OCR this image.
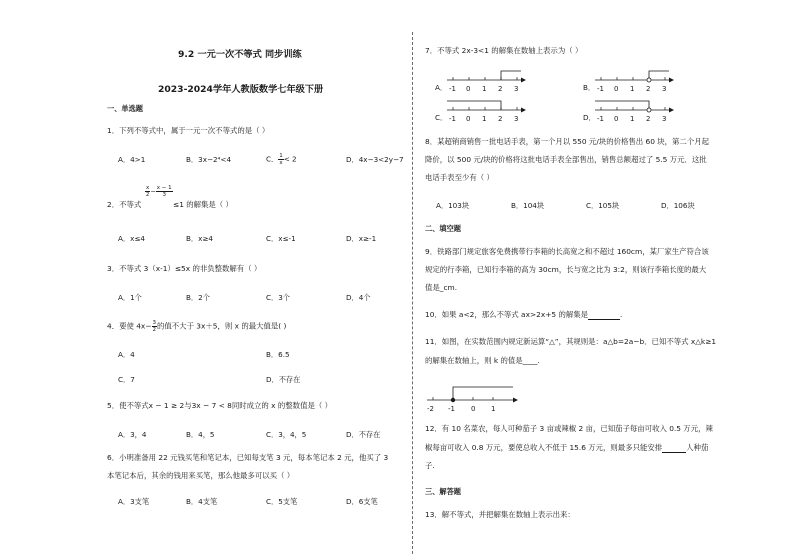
9.2 一元一次不等式 同步训练
2023-2024学年人教版数学七年级下册
一、单选题
1．下列不等式中，属于一元一次不等式的是（ ）
A．4>1	B．3x−2⁴<4	C． $\frac{1}{x} < 2$	D．4x−3<2y−7
$\frac{x}{2} - \frac{x - 1}{3}$
2．不等式	≤1 的解集是（ ）
A．x≤4	B．x≥4	C．x≤-1	D．x≥-1
3．不等式 3（x-1）≤5x 的非负整数解有（ ）
A．1个	B．2个	C．3个	D．4个
4．要使 $4x- \frac{3}{2}$ 的值不大于 3x＋5，则 x 的最大值是( )
A．4	B．6.5
C．7	D．不存在
5．使不等式x − 1 ≥ 2与3x − 7 < 8同时成立的 x 的整数值是（ ）
A．3，4	B．4，5	C．3，4，5	D．不存在
6．小明准备用 22 元钱买笔和笔记本，已知每支笔 3 元，每本笔记本 2 元，他买了 3
本笔记本后，其余的钱用来买笔，那么他最多可以买（ ）
A．3支笔	B．4支笔	C．5支笔	D．6支笔
7．不等式 2x-3<1 的解集在数轴上表示为（ ）
A． -1 0 1 2 3	B． -1 0 1 2 3
C． -1 0 1 2 3	D． -1 0 1 2 3
8．某超销商销售一批电话手表，第一个月以 550 元/块的价格售出 60 块，第二个月起
降价，以 500 元/块的价格将这批电话手表全部售出，销售总额超过了 5.5 万元．这批
电话手表至少有（ ）
A．103块	B．104块	C．105块	D．106块
二、填空题
9．铁路部门规定旅客免费携带行李箱的长高宽之和不超过 160cm，某厂家生产符合该
规定的行李箱，已知行李箱的高为 30cm，长与宽之比为 3:2，则该行李箱长度的最大
值是_cm.
10．如果 a<2，那么不等式 ax>2x+5 的解集是	.
11．如图，在实数范围内规定新运算“△”，其规则是：a△b=2a−b．已知不等式 x△k≥1
的解集在数轴上，则 k 的值是____.
-2 -1 0 1
12．有 10 名菜农，每人可种茄子 3 亩或辣椒 2 亩，已知茄子每亩可收入 0.5 万元，辣
椒每亩可收入 0.8 万元，要使总收入不低于 15.6 万元，则最多只能安排	人种茄
子.
三、解答题
13．解不等式，并把解集在数轴上表示出来：
